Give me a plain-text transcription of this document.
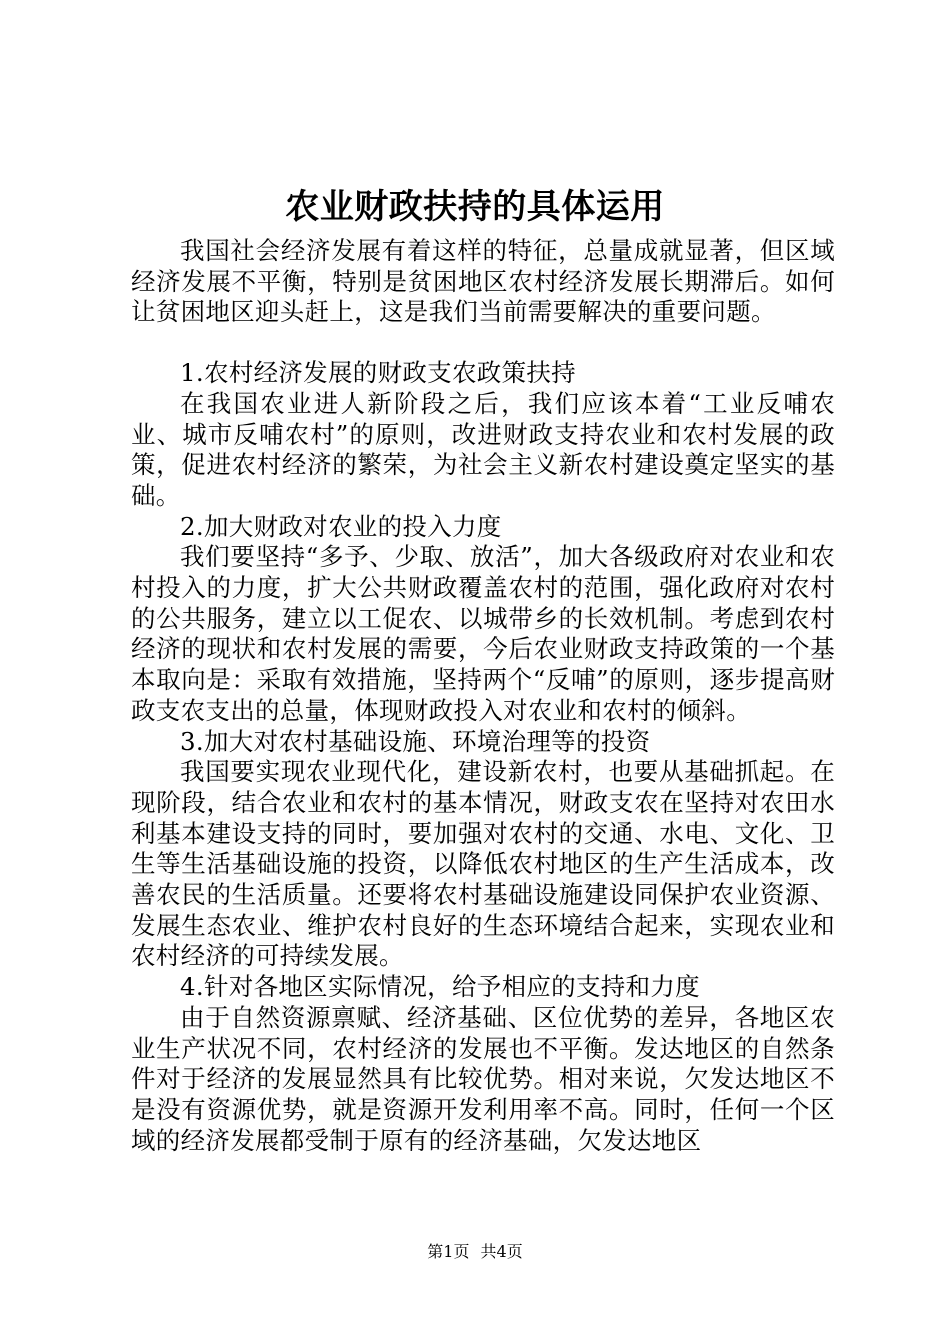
农业财政扶持的具体运用

我国社会经济发展有着这样的特征，总量成就显著，但区域经济发展不平衡，特别是贫困地区农村经济发展长期滞后。如何让贫困地区迎头赶上，这是我们当前需要解决的重要问题。

1.农村经济发展的财政支农政策扶持

在我国农业进人新阶段之后，我们应该本着“工业反哺农业、城市反哺农村”的原则，改进财政支持农业和农村发展的政策，促进农村经济的繁荣，为社会主义新农村建设奠定坚实的基础。

2.加大财政对农业的投入力度

我们要坚持“多予、少取、放活”，加大各级政府对农业和农村投入的力度，扩大公共财政覆盖农村的范围，强化政府对农村的公共服务，建立以工促农、以城带乡的长效机制。考虑到农村经济的现状和农村发展的需要，今后农业财政支持政策的一个基本取向是：采取有效措施，坚持两个“反哺”的原则，逐步提高财政支农支出的总量，体现财政投入对农业和农村的倾斜。

3.加大对农村基础设施、环境治理等的投资

我国要实现农业现代化，建设新农村，也要从基础抓起。在现阶段，结合农业和农村的基本情况，财政支农在坚持对农田水利基本建设支持的同时，要加强对农村的交通、水电、文化、卫生等生活基础设施的投资，以降低农村地区的生产生活成本，改善农民的生活质量。还要将农村基础设施建设同保护农业资源、发展生态农业、维护农村良好的生态环境结合起来，实现农业和农村经济的可持续发展。

4.针对各地区实际情况，给予相应的支持和力度

由于自然资源禀赋、经济基础、区位优势的差异，各地区农业生产状况不同，农村经济的发展也不平衡。发达地区的自然条件对于经济的发展显然具有比较优势。相对来说，欠发达地区不是没有资源优势，就是资源开发利用率不高。同时，任何一个区域的经济发展都受制于原有的经济基础，欠发达地区

第1页 共4页
